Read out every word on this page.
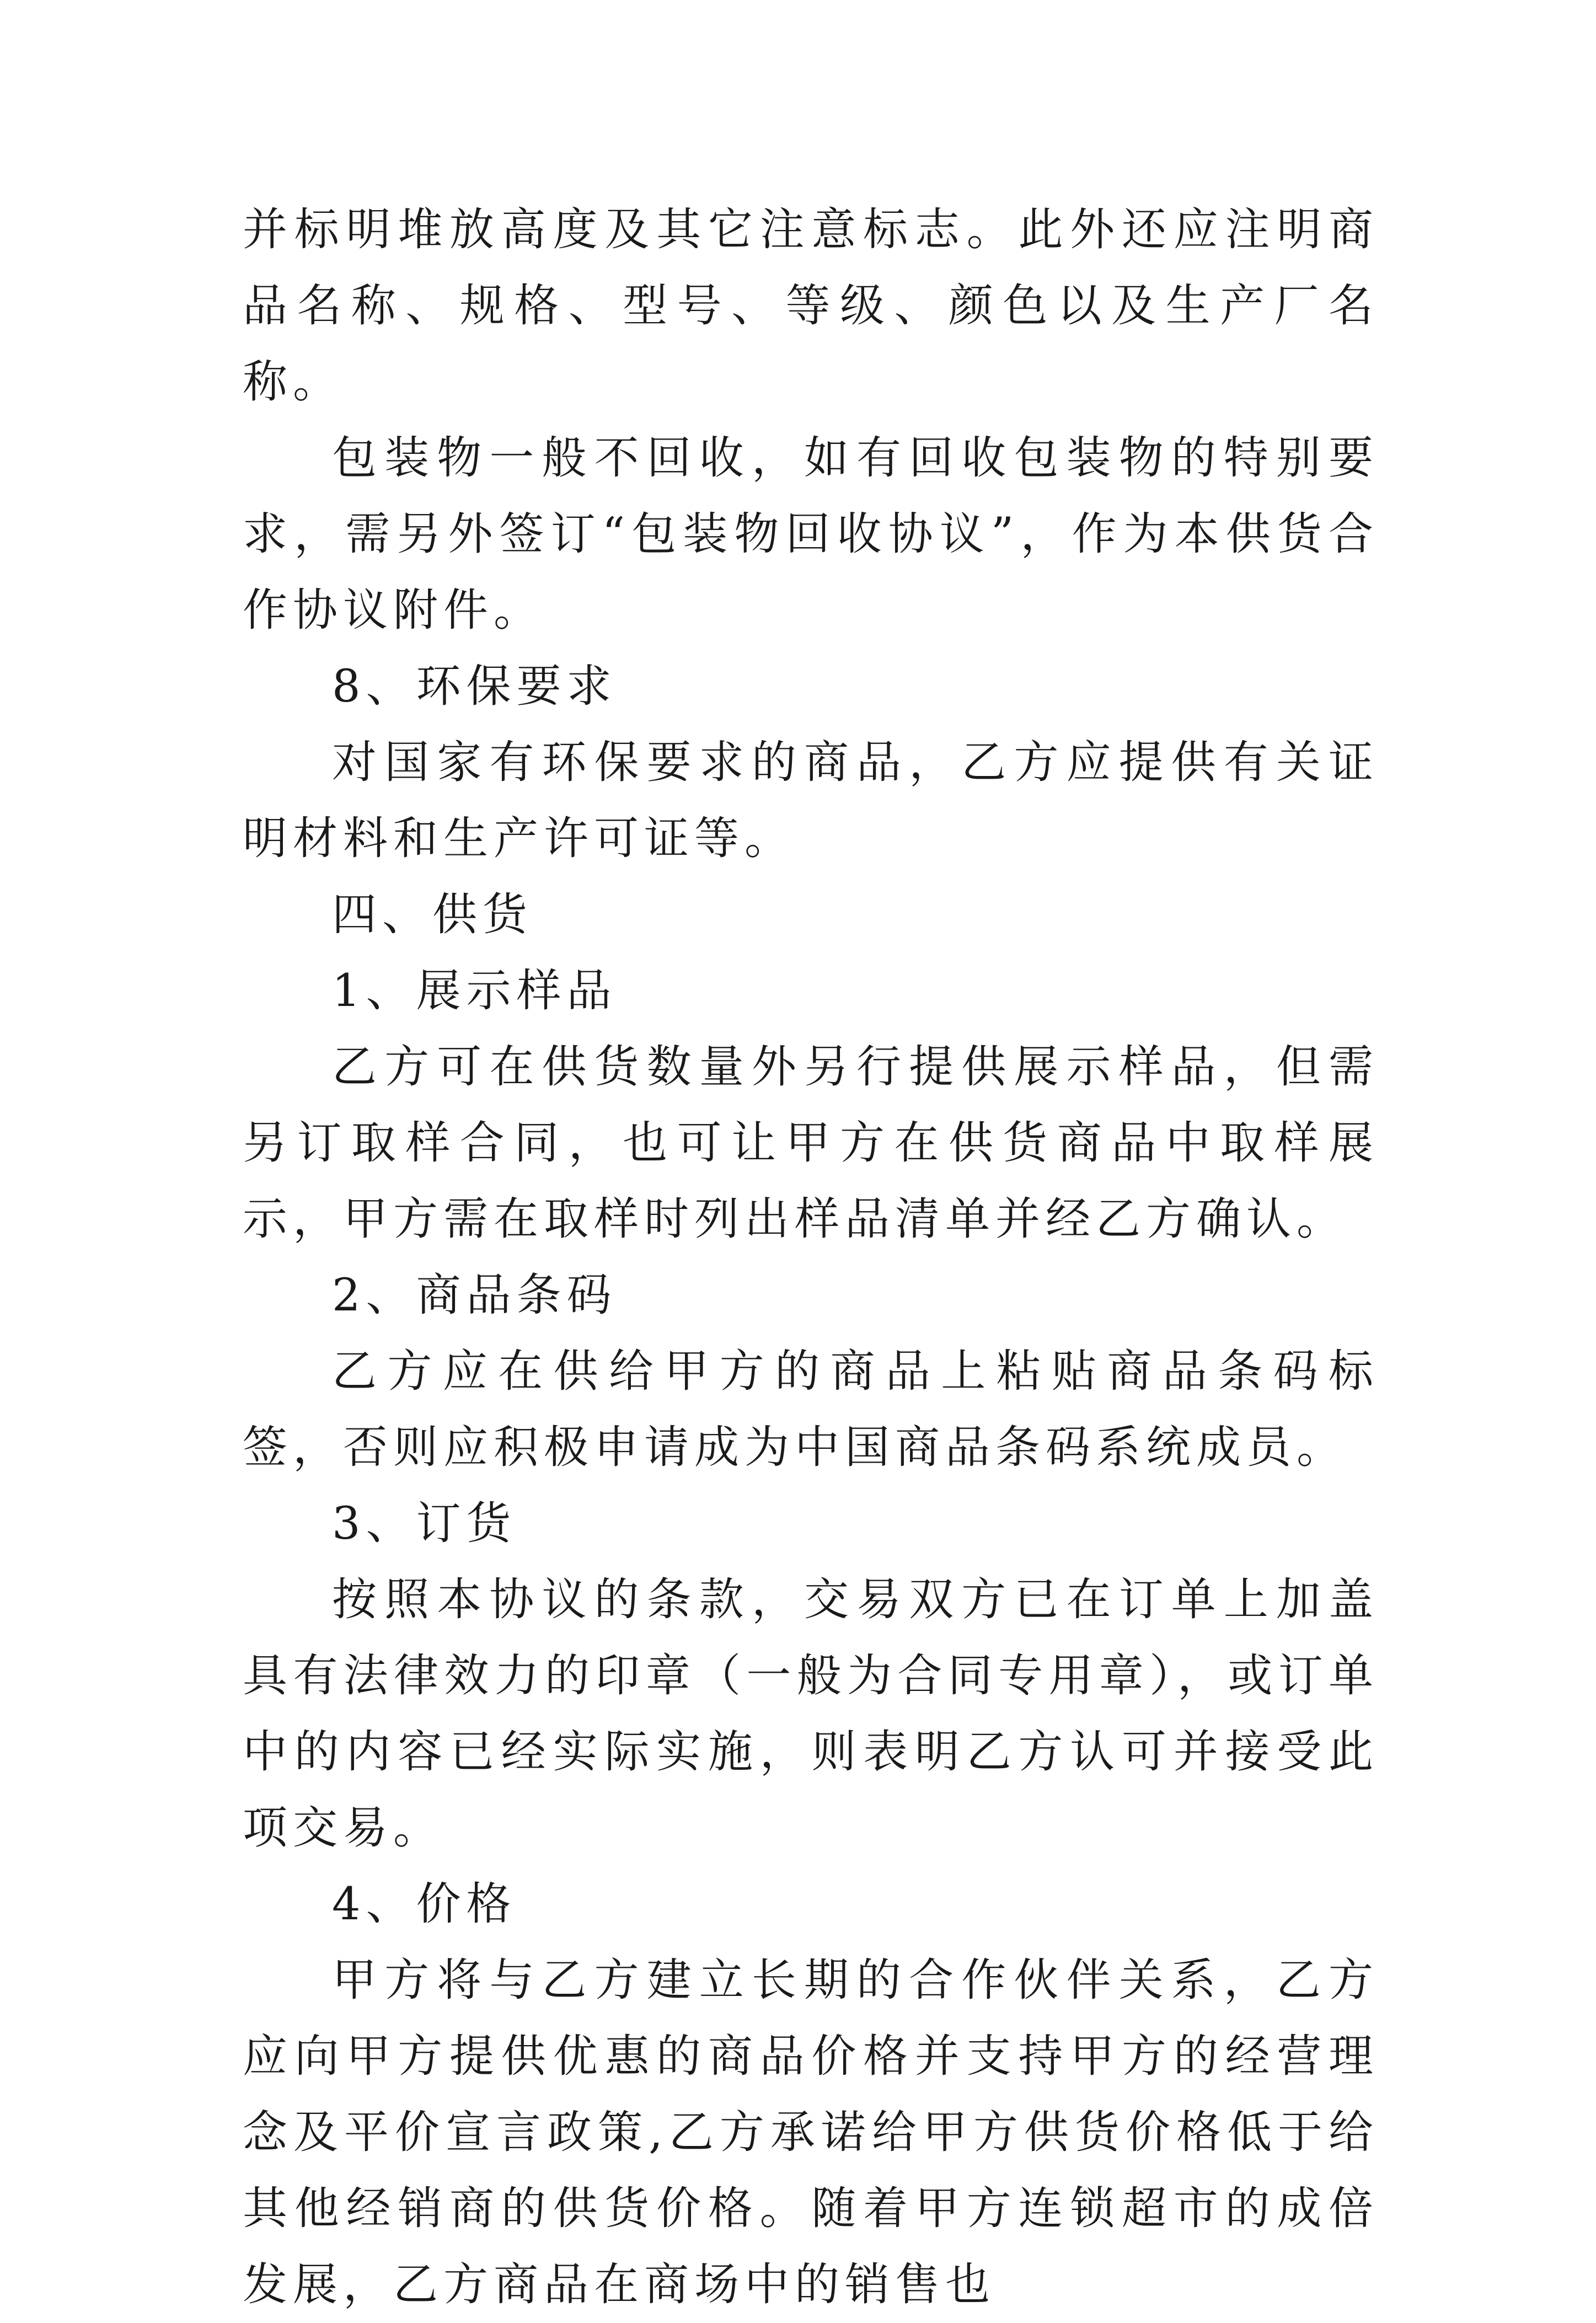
并标明堆放高度及其它注意标志。此外还应注明商品名称、规格、型号、等级、颜色以及生产厂名称。

包装物一般不回收，如有回收包装物的特别要求，需另外签订“包装物回收协议”，作为本供货合作协议附件。

8、环保要求

对国家有环保要求的商品，乙方应提供有关证明材料和生产许可证等。

四、供货

1、展示样品

乙方可在供货数量外另行提供展示样品，但需另订取样合同，也可让甲方在供货商品中取样展示，甲方需在取样时列出样品清单并经乙方确认。

2、商品条码

乙方应在供给甲方的商品上粘贴商品条码标签，否则应积极申请成为中国商品条码系统成员。

3、订货

按照本协议的条款，交易双方已在订单上加盖具有法律效力的印章（一般为合同专用章），或订单中的内容已经实际实施，则表明乙方认可并接受此项交易。

4、价格

甲方将与乙方建立长期的合作伙伴关系，乙方应向甲方提供优惠的商品价格并支持甲方的经营理念及平价宣言政策,乙方承诺给甲方供货价格低于给其他经销商的供货价格。随着甲方连锁超市的成倍发展，乙方商品在商场中的销售也
